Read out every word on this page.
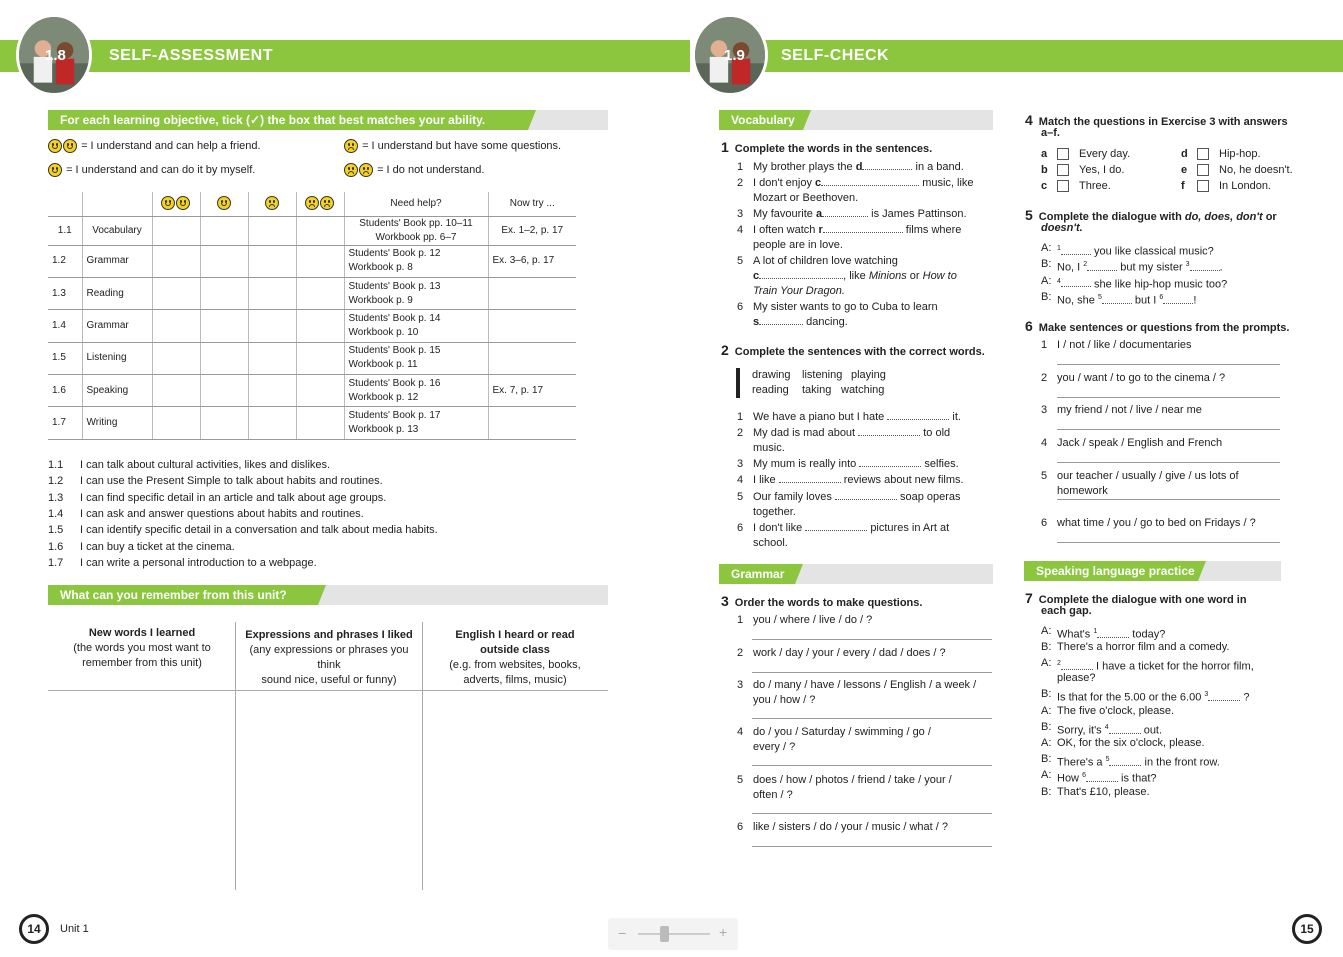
1.8	SELF-ASSESSMENT
For each learning objective, tick (✓) the box that best matches your ability.
= I understand and can help a friend.	= I understand but have some questions.
= I understand and can do it by myself.	= I do not understand.

	Need help?	Now try ...
1.1	Vocabulary					Students' Book pp. 10–11
Workbook pp. 6–7	Ex. 1–2, p. 17
1.2	Grammar					Students' Book p. 12
Workbook p. 8	Ex. 3–6, p. 17
1.3	Reading					Students' Book p. 13
Workbook p. 9	

1.4	Grammar					Students' Book p. 14
Workbook p. 10	

1.5	Listening					Students' Book p. 15
Workbook p. 11	

1.6	Speaking					Students' Book p. 16
Workbook p. 12	Ex. 7, p. 17
1.7	Writing					Students' Book p. 17
Workbook p. 13	

1.1 I can talk about cultural activities, likes and dislikes.
1.2 I can use the Present Simple to talk about habits and routines.
1.3 I can find specific detail in an article and talk about age groups.
1.4 I can ask and answer questions about habits and routines.
1.5 I can identify specific detail in a conversation and talk about media habits.
1.6 I can buy a ticket at the cinema.
1.7 I can write a personal introduction to a webpage.
What can you remember from this unit?
New words I learned
(the words you most want to
remember from this unit)
Expressions and phrases I liked
(any expressions or phrases you think
sound nice, useful or funny)
English I heard or read outside class
(e.g. from websites, books,
adverts, films, music)
14	Unit 1	−	+
1.9 SELF-CHECK
Vocabulary
1 Complete the words in the sentences.
1 My brother plays the d	in a band.
2 I don't enjoy c	music, like
Mozart or Beethoven.
3 My favourite a	is James Pattinson.
4 I often watch r	films where
people are in love.
5 A lot of children love watching
c	, like Minions or How to
Train Your Dragon.
6 My sister wants to go to Cuba to learn
s	dancing.
2 Complete the sentences with the correct words.
drawing listening playing
reading taking watching
1 We have a piano but I hate	it.
2 My dad is mad about	to old
music.
3 My mum is really into	selfies.
4 I like	reviews about new films.
5 Our family loves	soap operas
together.
6 I don't like	pictures in Art at
school.
3 Order the words to make questions.
1 you / where / live / do / ?
2 work / day / your / every / dad / does / ?
3 do / many / have / lessons / English / a week /
you / how / ?
4 do / you / Saturday / swimming / go /
every / ?
5 does / how / photos / friend / take / your /
often / ?
6 like / sisters / do / your / music / what / ?
4 Match the questions in Exercise 3 with answers
a–f.
a	Every day.	d	Hip-hop.
b	Yes, I do.	e	No, he doesn't.
c	Three.	f	In London.
5 Complete the dialogue with do, does, don't or
doesn't.
A: $^1$	you like classical music?
B: No, I $^2$	but my sister $^3$	.
A: $^4$	she like hip-hop music too?
B: No, she $^5$	but I $^6$	!
6 Make sentences or questions from the prompts.
1 I / not / like / documentaries
2 you / want / to go to the cinema / ?
3 my friend / not / live / near me
4 Jack / speak / English and French
5 our teacher / usually / give / us lots of
homework
6 what time / you / go to bed on Fridays / ?
7 Complete the dialogue with one word in
each gap.
A: What's $^1$	today?
B: There's a horror film and a comedy.
A: $^2$	I have a ticket for the horror film,
please?
B: Is that for the 5.00 or the 6.00 $^3$	?
A: The five o'clock, please.
B: Sorry, it's $^4$	out.
A: OK, for the six o'clock, please.
B: There's a $^5$	in the front row.
A: How $^6$	is that?
B: That's £10, please.
Grammar	Speaking language practice
15
